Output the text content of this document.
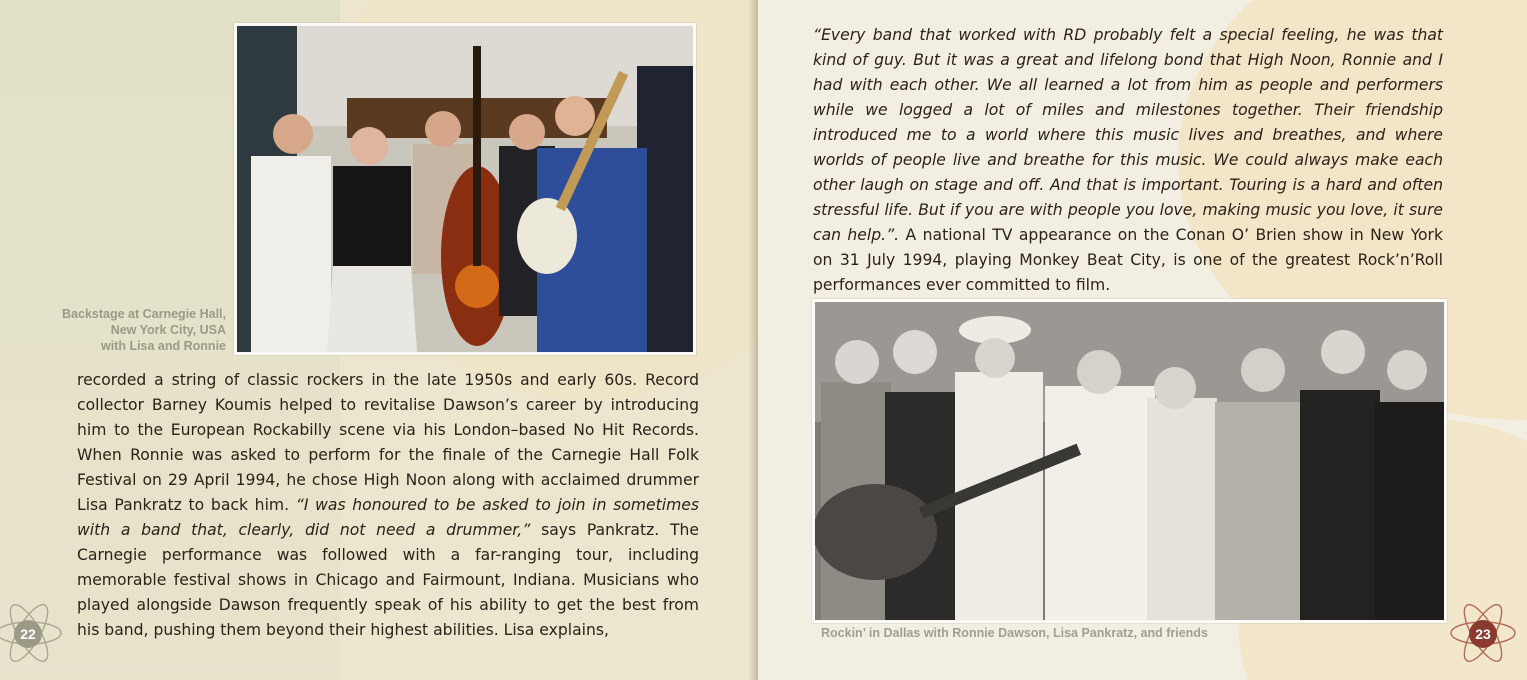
Backstage at Carnegie Hall,
New York City, USA
with Lisa and Ronnie

recorded a string of classic rockers in the late 1950s and early 60s. Record collector Barney Koumis helped to revitalise Dawson’s career by introducing him to the European Rockabilly scene via his London–based No Hit Records. When Ronnie was asked to perform for the finale of the Carnegie Hall Folk Festival on 29 April 1994, he chose High Noon along with acclaimed drummer Lisa Pankratz to back him. “I was honoured to be asked to join in sometimes with a band that, clearly, did not need a drummer,” says Pankratz. The Carnegie performance was followed with a far-ranging tour, including memorable festival shows in Chicago and Fairmount, Indiana. Musicians who played alongside Dawson frequently speak of his ability to get the best from his band, pushing them beyond their highest abilities. Lisa explains,

22

“Every band that worked with RD probably felt a special feeling, he was that kind of guy. But it was a great and lifelong bond that High Noon, Ronnie and I had with each other. We all learned a lot from him as people and performers while we logged a lot of miles and milestones together. Their friendship introduced me to a world where this music lives and breathes, and where worlds of people live and breathe for this music. We could always make each other laugh on stage and off. And that is important. Touring is a hard and often stressful life. But if you are with people you love, making music you love, it sure can help.”. A national TV appearance on the Conan O’ Brien show in New York on 31 July 1994, playing Monkey Beat City, is one of the greatest Rock’n’Roll performances ever committed to film.

Rockin’ in Dallas with Ronnie Dawson, Lisa Pankratz, and friends	23
